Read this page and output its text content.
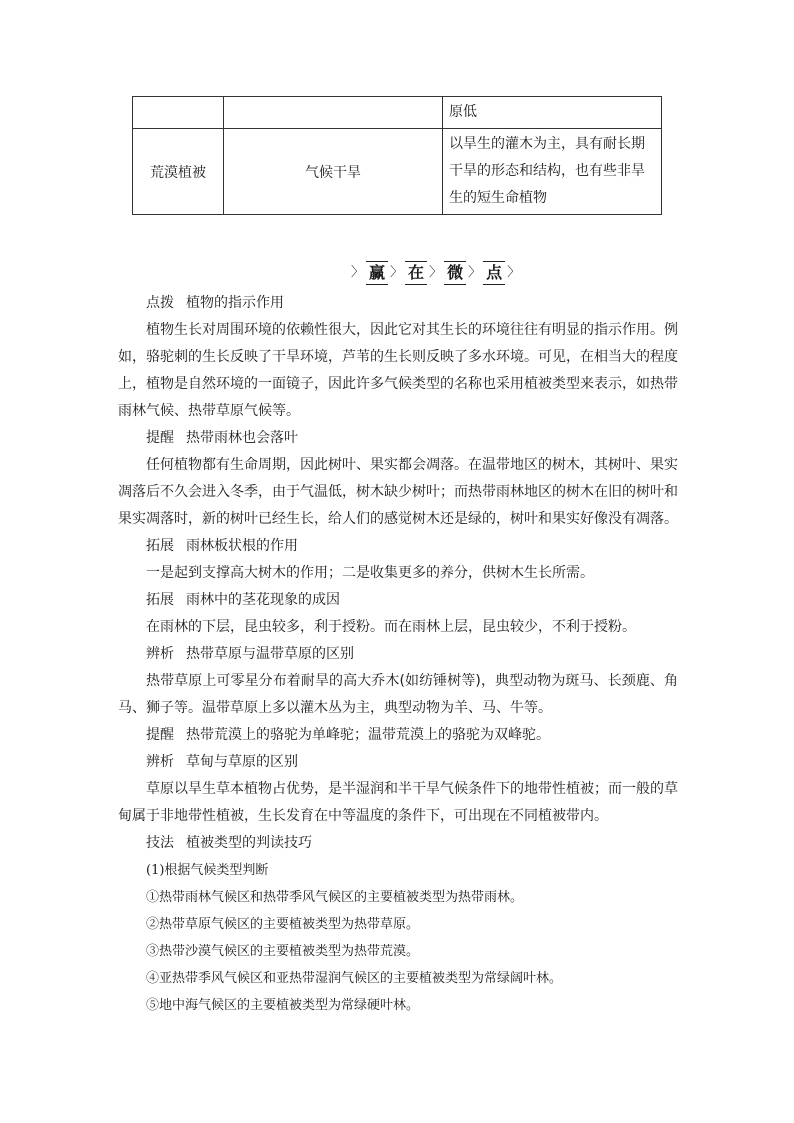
		原低
荒漠植被	气候干旱	以旱生的灌木为主，具有耐长期干旱的形态和结构，也有些非旱生的短生命植物
〉 赢 〉 在 〉 微 〉 点 〉

点拨 植物的指示作用

植物生长对周围环境的依赖性很大，因此它对其生长的环境往往有明显的指示作用。例如，骆驼刺的生长反映了干旱环境，芦苇的生长则反映了多水环境。可见，在相当大的程度上，植物是自然环境的一面镜子，因此许多气候类型的名称也采用植被类型来表示，如热带雨林气候、热带草原气候等。

提醒 热带雨林也会落叶

任何植物都有生命周期，因此树叶、果实都会凋落。在温带地区的树木，其树叶、果实凋落后不久会进入冬季，由于气温低，树木缺少树叶；而热带雨林地区的树木在旧的树叶和果实凋落时，新的树叶已经生长，给人们的感觉树木还是绿的，树叶和果实好像没有凋落。

拓展 雨林板状根的作用

一是起到支撑高大树木的作用；二是收集更多的养分，供树木生长所需。

拓展 雨林中的茎花现象的成因

在雨林的下层，昆虫较多，利于授粉。而在雨林上层，昆虫较少，不利于授粉。

辨析 热带草原与温带草原的区别

热带草原上可零星分布着耐旱的高大乔木(如纺锤树等)，典型动物为斑马、长颈鹿、角马、狮子等。温带草原上多以灌木丛为主，典型动物为羊、马、牛等。

提醒 热带荒漠上的骆驼为单峰驼；温带荒漠上的骆驼为双峰驼。

辨析 草甸与草原的区别

草原以旱生草本植物占优势，是半湿润和半干旱气候条件下的地带性植被；而一般的草甸属于非地带性植被，生长发育在中等温度的条件下，可出现在不同植被带内。

技法 植被类型的判读技巧

(1)根据气候类型判断

①热带雨林气候区和热带季风气候区的主要植被类型为热带雨林。

②热带草原气候区的主要植被类型为热带草原。

③热带沙漠气候区的主要植被类型为热带荒漠。

④亚热带季风气候区和亚热带湿润气候区的主要植被类型为常绿阔叶林。

⑤地中海气候区的主要植被类型为常绿硬叶林。
